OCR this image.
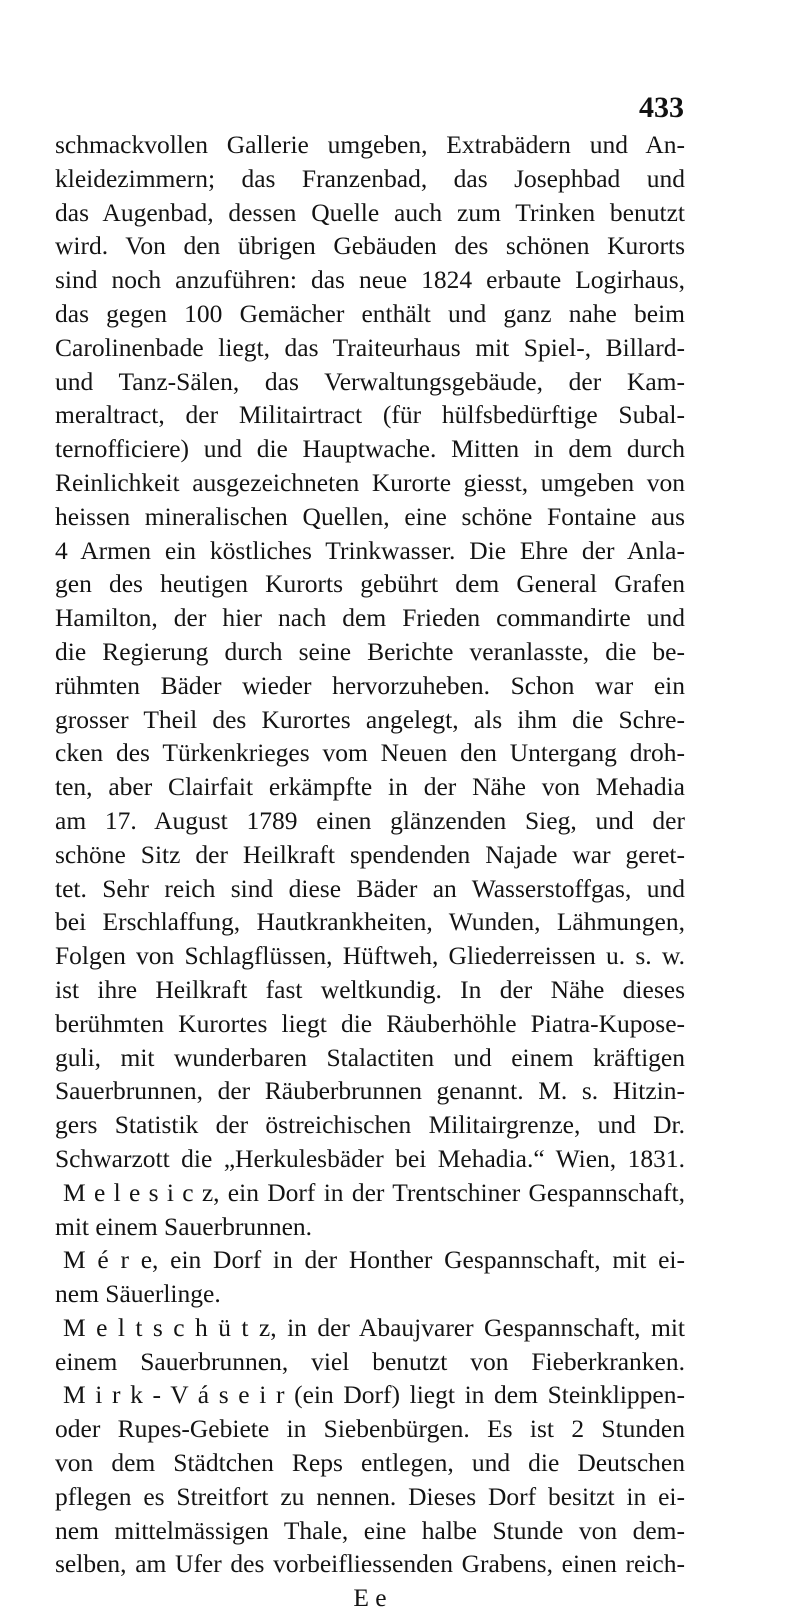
433
schmackvollen Gallerie umgeben, Extrabädern und An-
kleidezimmern; das Franzenbad, das Josephbad und
das Augenbad, dessen Quelle auch zum Trinken benutzt
wird. Von den übrigen Gebäuden des schönen Kurorts
sind noch anzuführen: das neue 1824 erbaute Logirhaus,
das gegen 100 Gemächer enthält und ganz nahe beim
Carolinenbade liegt, das Traiteurhaus mit Spiel-, Billard-
und Tanz-Sälen, das Verwaltungsgebäude, der Kam-
meraltract, der Militairtract (für hülfsbedürftige Subal-
ternofficiere) und die Hauptwache. Mitten in dem durch
Reinlichkeit ausgezeichneten Kurorte giesst, umgeben von
heissen mineralischen Quellen, eine schöne Fontaine aus
4 Armen ein köstliches Trinkwasser. Die Ehre der Anla-
gen des heutigen Kurorts gebührt dem General Grafen
Hamilton, der hier nach dem Frieden commandirte und
die Regierung durch seine Berichte veranlasste, die be-
rühmten Bäder wieder hervorzuheben. Schon war ein
grosser Theil des Kurortes angelegt, als ihm die Schre-
cken des Türkenkrieges vom Neuen den Untergang droh-
ten, aber Clairfait erkämpfte in der Nähe von Mehadia
am 17. August 1789 einen glänzenden Sieg, und der
schöne Sitz der Heilkraft spendenden Najade war geret-
tet. Sehr reich sind diese Bäder an Wasserstoffgas, und
bei Erschlaffung, Hautkrankheiten, Wunden, Lähmungen,
Folgen von Schlagflüssen, Hüftweh, Gliederreissen u. s. w.
ist ihre Heilkraft fast weltkundig. In der Nähe dieses
berühmten Kurortes liegt die Räuberhöhle Piatra-Kupose-
guli, mit wunderbaren Stalactiten und einem kräftigen
Sauerbrunnen, der Räuberbrunnen genannt. M. s. Hitzin-
gers Statistik der östreichischen Militairgrenze, und Dr.
Schwarzott die „Herkulesbäder bei Mehadia.“ Wien, 1831.
M e l e s i c z, ein Dorf in der Trentschiner Gespannschaft,
mit einem Sauerbrunnen.
M é r e, ein Dorf in der Honther Gespannschaft, mit ei-
nem Säuerlinge.
M e l t s c h ü t z, in der Abaujvarer Gespannschaft, mit
einem Sauerbrunnen, viel benutzt von Fieberkranken.
M i r k - V á s e i r (ein Dorf) liegt in dem Steinklippen-
oder Rupes-Gebiete in Siebenbürgen. Es ist 2 Stunden
von dem Städtchen Reps entlegen, und die Deutschen
pflegen es Streitfort zu nennen. Dieses Dorf besitzt in ei-
nem mittelmässigen Thale, eine halbe Stunde von dem-
selben, am Ufer des vorbeifliessenden Grabens, einen reich-
E e
